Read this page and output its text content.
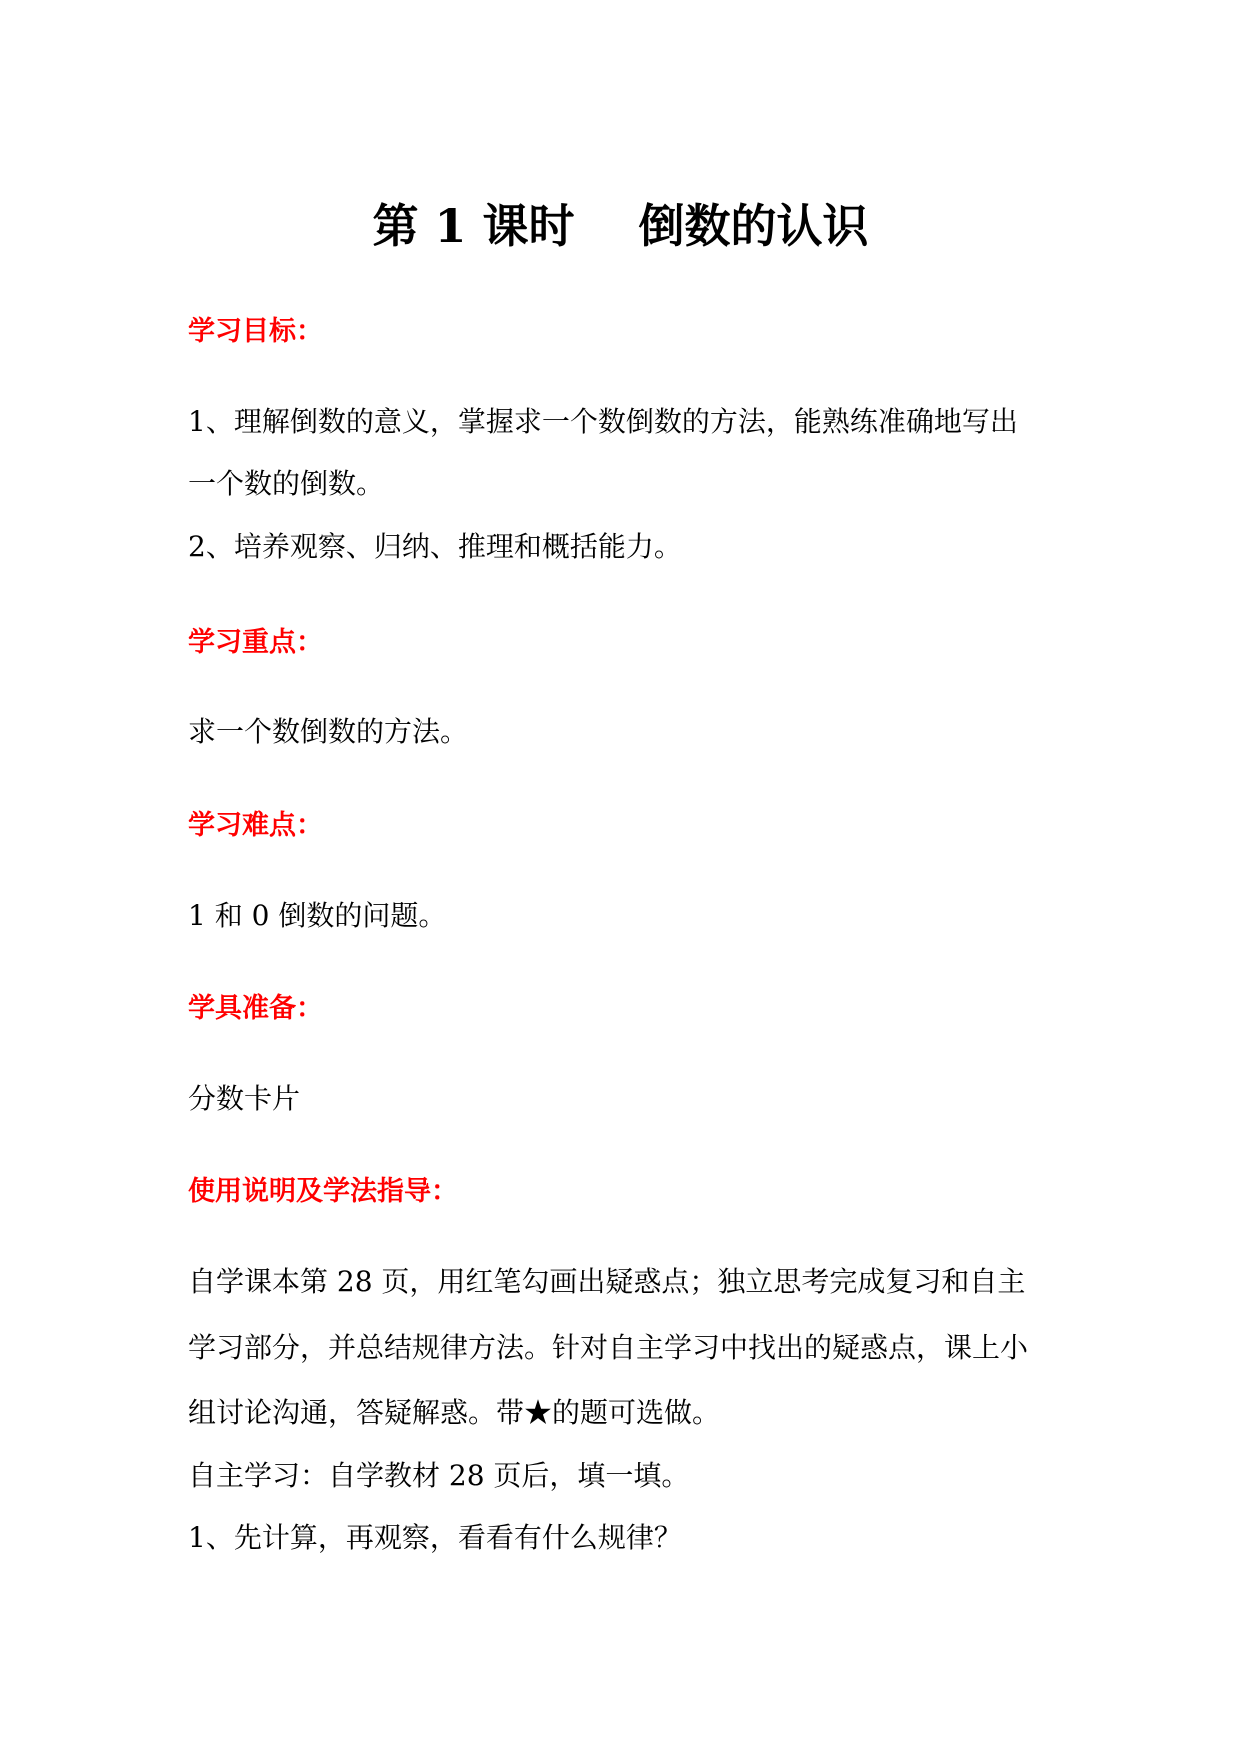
第 1 课时    倒数的认识
学习目标：
1、理解倒数的意义，掌握求一个数倒数的方法，能熟练准确地写出
一个数的倒数。
2、培养观察、归纳、推理和概括能力。
学习重点：
求一个数倒数的方法。
学习难点：
1 和 0 倒数的问题。
学具准备：
分数卡片
使用说明及学法指导：
自学课本第 28 页，用红笔勾画出疑惑点；独立思考完成复习和自主
学习部分，并总结规律方法。针对自主学习中找出的疑惑点，课上小
组讨论沟通，答疑解惑。带★的题可选做。
自主学习：自学教材 28 页后，填一填。
1、先计算，再观察，看看有什么规律？
